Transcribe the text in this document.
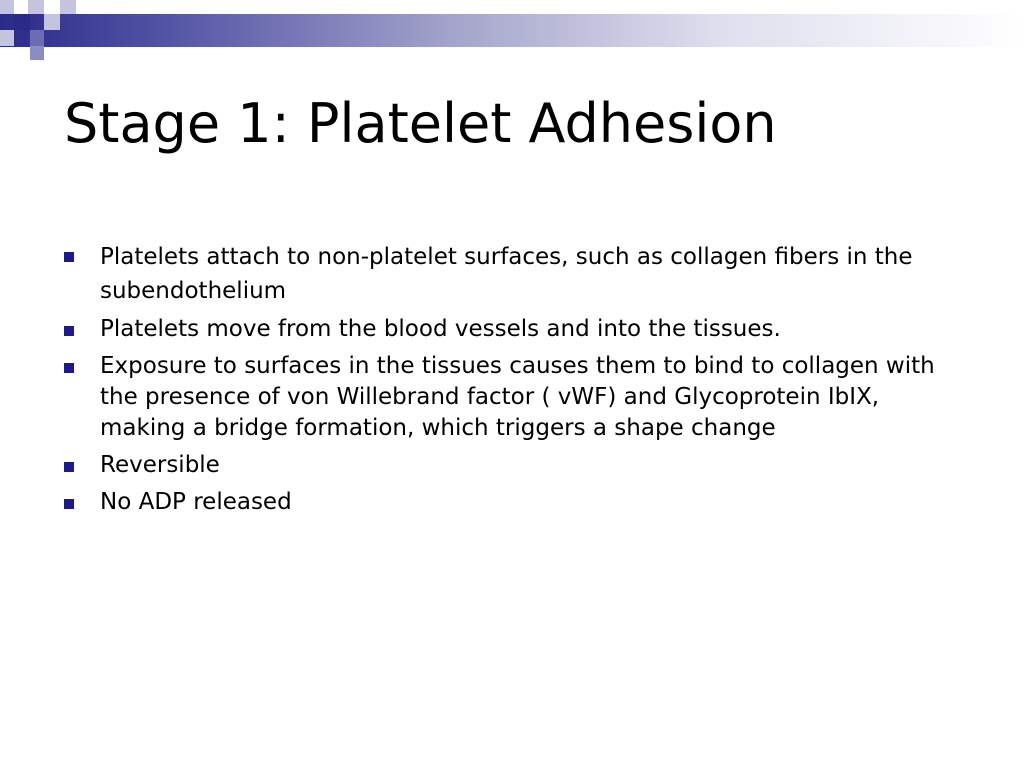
Stage 1: Platelet Adhesion
Platelets attach to non-platelet surfaces, such as collagen fibers in the subendothelium
Platelets move from the blood vessels and into the tissues.
Exposure to surfaces in the tissues causes them to bind to collagen with the presence of von Willebrand factor ( vWF) and Glycoprotein IbIX, making a bridge formation, which triggers a shape change
Reversible
No ADP released
